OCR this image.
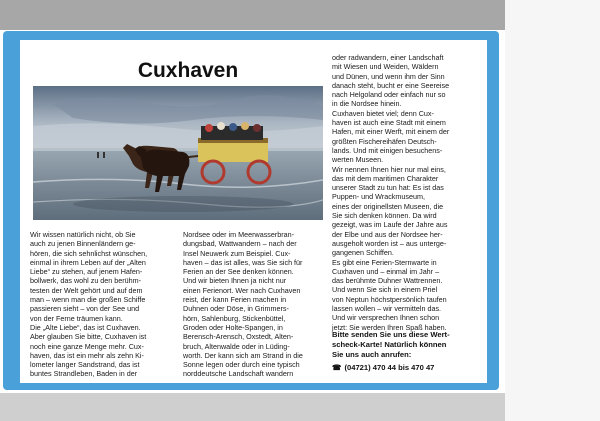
Cuxhaven

Wir wissen natürlich nicht, ob Sie
auch zu jenen Binnenländern ge-
hören, die sich sehnlichst wünschen,
einmal in ihrem Leben auf der „Alten
Liebe“ zu stehen, auf jenem Hafen-
bollwerk, das wohl zu den berühm-
testen der Welt gehört und auf dem
man – wenn man die großen Schiffe
passieren sieht – von der See und
von der Ferne träumen kann.
Die „Alte Liebe“, das ist Cuxhaven.
Aber glauben Sie bitte, Cuxhaven ist
noch eine ganze Menge mehr. Cux-
haven, das ist ein mehr als zehn Ki-
lometer langer Sandstrand, das ist
buntes Strandleben, Baden in der

Nordsee oder im Meerwasserbran-
dungsbad, Wattwandern – nach der
Insel Neuwerk zum Beispiel. Cux-
haven – das ist alles, was Sie sich für
Ferien an der See denken können.
Und wir bieten Ihnen ja nicht nur
einen Ferienort. Wer nach Cuxhaven
reist, der kann Ferien machen in
Duhnen oder Döse, in Grimmers-
hörn, Sahlenburg, Stickenbüttel,
Groden oder Holte-Spangen, in
Berensch-Arensch, Oxstedt, Alten-
bruch, Altenwalde oder in Lüding-
worth. Der kann sich am Strand in die
Sonne legen oder durch eine typisch
norddeutsche Landschaft wandern

oder radwandern, einer Landschaft
mit Wiesen und Weiden, Wäldern
und Dünen, und wenn ihm der Sinn
danach steht, bucht er eine Seereise
nach Helgoland oder einfach nur so
in die Nordsee hinein.
Cuxhaven bietet viel; denn Cux-
haven ist auch eine Stadt mit einem
Hafen, mit einer Werft, mit einem der
größten Fischereihäfen Deutsch-
lands. Und mit einigen besuchens-
werten Museen.
Wir nennen Ihnen hier nur mal eins,
das mit dem maritimen Charakter
unserer Stadt zu tun hat: Es ist das
Puppen- und Wrackmuseum,
eines der originellsten Museen, die
Sie sich denken können. Da wird
gezeigt, was im Laufe der Jahre aus
der Elbe und aus der Nordsee her-
ausgeholt worden ist – aus unterge-
gangenen Schiffen.
Es gibt eine Ferien-Sternwarte in
Cuxhaven und – einmal im Jahr –
das berühmte Duhner Wattrennen.
Und wenn Sie sich in einem Priel
von Neptun höchstpersönlich taufen
lassen wollen – wir vermitteln das.
Und wir versprechen Ihnen schon
jetzt: Sie werden Ihren Spaß haben.

Bitte senden Sie uns diese Wert-
scheck-Karte! Natürlich können
Sie uns auch anrufen:

☎ (04721) 470 44 bis 470 47
